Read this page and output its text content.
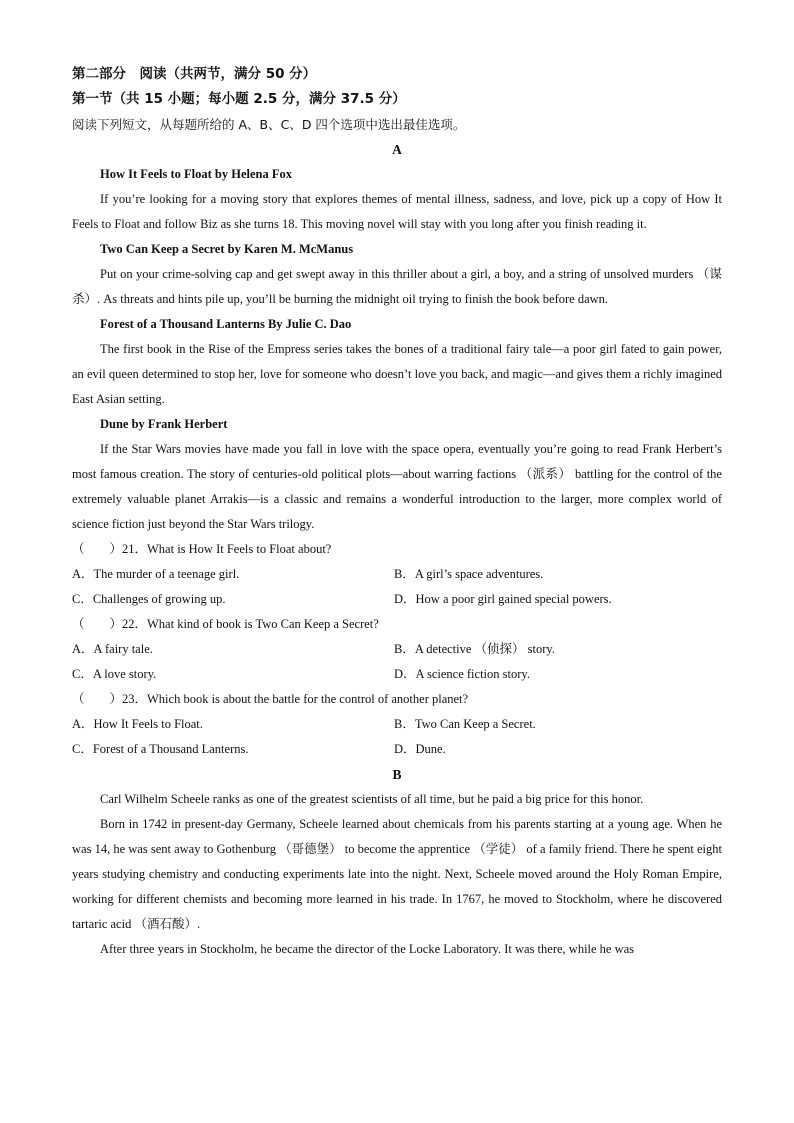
第二部分　阅读（共两节，满分 50 分）
第一节（共 15 小题；每小题 2.5 分，满分 37.5 分）
阅读下列短文，从每题所给的 A、B、C、D 四个选项中选出最佳选项。
A
How It Feels to Float by Helena Fox

If you’re looking for a moving story that explores themes of mental illness, sadness, and love, pick up a copy of How It Feels to Float and follow Biz as she turns 18. This moving novel will stay with you long after you finish reading it.

Two Can Keep a Secret by Karen M. McManus

Put on your crime-solving cap and get swept away in this thriller about a girl, a boy, and a string of unsolved murders （谋杀）. As threats and hints pile up, you’ll be burning the midnight oil trying to finish the book before dawn.

Forest of a Thousand Lanterns By Julie C. Dao

The first book in the Rise of the Empress series takes the bones of a traditional fairy tale—a poor girl fated to gain power, an evil queen determined to stop her, love for someone who doesn’t love you back, and magic—and gives them a richly imagined East Asian setting.

Dune by Frank Herbert

If the Star Wars movies have made you fall in love with the space opera, eventually you’re going to read Frank Herbert’s most famous creation. The story of centuries-old political plots—about warring factions （派系） battling for the control of the extremely valuable planet Arrakis—is a classic and remains a wonderful introduction to the larger, more complex world of science fiction just beyond the Star Wars trilogy.

（　　）21．What is How It Feels to Float about?
A．The murder of a teenage girl.	B．A girl’s space adventures.
C．Challenges of growing up.	D．How a poor girl gained special powers.
（　　）22．What kind of book is Two Can Keep a Secret?
A．A fairy tale.	B．A detective （侦探） story.
C．A love story.	D．A science fiction story.
（　　）23．Which book is about the battle for the control of another planet?
A．How It Feels to Float.	B．Two Can Keep a Secret.
C．Forest of a Thousand Lanterns.	D．Dune.
B

Carl Wilhelm Scheele ranks as one of the greatest scientists of all time, but he paid a big price for this honor.

Born in 1742 in present-day Germany, Scheele learned about chemicals from his parents starting at a young age. When he was 14, he was sent away to Gothenburg （哥德堡） to become the apprentice （学徒） of a family friend. There he spent eight years studying chemistry and conducting experiments late into the night. Next, Scheele moved around the Holy Roman Empire, working for different chemists and becoming more learned in his trade. In 1767, he moved to Stockholm, where he discovered tartaric acid （酒石酸）.

After three years in Stockholm, he became the director of the Locke Laboratory. It was there, while he was
